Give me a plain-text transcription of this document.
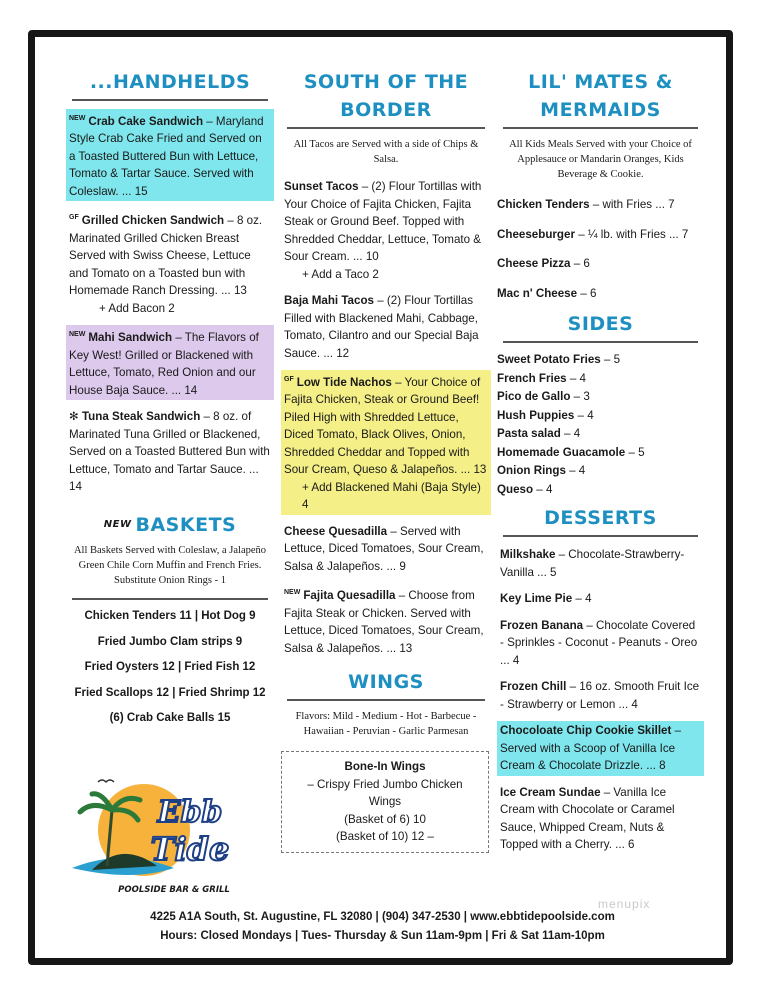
...HANDHELDS
$^{NEW}$ Crab Cake Sandwich – Maryland Style Crab Cake Fried and Served on a Toasted Buttered Bun with Lettuce, Tomato & Tartar Sauce. Served with Coleslaw. ... 15
$^{GF}$ Grilled Chicken Sandwich – 8 oz. Marinated Grilled Chicken Breast Served with Swiss Cheese, Lettuce and Tomato on a Toasted bun with Homemade Ranch Dressing. ... 13
+ Add Bacon 2
$^{NEW}$ Mahi Sandwich – The Flavors of Key West! Grilled or Blackened with Lettuce, Tomato, Red Onion and our House Baja Sauce. ... 14
✻ Tuna Steak Sandwich – 8 oz. of Marinated Tuna Grilled or Blackened, Served on a Toasted Buttered Bun with Lettuce, Tomato and Tartar Sauce. ... 14
NEW BASKETS
All Baskets Served with Coleslaw, a Jalapeño Green Chile Corn Muffin and French Fries. Substitute Onion Rings - 1
Chicken Tenders 11 | Hot Dog 9
Fried Jumbo Clam strips 9
Fried Oysters 12 | Fried Fish 12
Fried Scallops 12 | Fried Shrimp 12
(6) Crab Cake Balls 15
SOUTH OF THE
BORDER
All Tacos are Served with a side of Chips & Salsa.
Sunset Tacos – (2) Flour Tortillas with Your Choice of Fajita Chicken, Fajita Steak or Ground Beef. Topped with Shredded Cheddar, Lettuce, Tomato & Sour Cream. ... 10
+ Add a Taco 2
Baja Mahi Tacos – (2) Flour Tortillas Filled with Blackened Mahi, Cabbage, Tomato, Cilantro and our Special Baja Sauce. ... 12
$^{GF}$ Low Tide Nachos – Your Choice of Fajita Chicken, Steak or Ground Beef! Piled High with Shredded Lettuce, Diced Tomato, Black Olives, Onion, Shredded Cheddar and Topped with Sour Cream, Queso & Jalapeños. ... 13
+ Add Blackened Mahi (Baja Style) 4
Cheese Quesadilla – Served with Lettuce, Diced Tomatoes, Sour Cream, Salsa & Jalapeños. ... 9
$^{NEW}$ Fajita Quesadilla – Choose from Fajita Steak or Chicken. Served with Lettuce, Diced Tomatoes, Sour Cream, Salsa & Jalapeños. ... 13
WINGS
Flavors: Mild - Medium - Hot - Barbecue - Hawaiian - Peruvian - Garlic Parmesan
Bone-In Wings
– Crispy Fried Jumbo Chicken Wings
(Basket of 6) 10
(Basket of 10) 12 –
LIL' MATES &
MERMAIDS
All Kids Meals Served with your Choice of Applesauce or Mandarin Oranges, Kids Beverage & Cookie.
Chicken Tenders – with Fries ... 7
Cheeseburger – ¼ lb. with Fries ... 7
Cheese Pizza – 6
Mac n' Cheese – 6
SIDES
Sweet Potato Fries – 5
French Fries – 4
Pico de Gallo – 3
Hush Puppies – 4
Pasta salad – 4
Homemade Guacamole – 5
Onion Rings – 4
Queso – 4
DESSERTS
Milkshake – Chocolate-Strawberry-Vanilla ... 5
Key Lime Pie – 4
Frozen Banana – Chocolate Covered - Sprinkles - Coconut - Peanuts - Oreo ... 4
Frozen Chill – 16 oz. Smooth Fruit Ice - Strawberry or Lemon ... 4
Chocoloate Chip Cookie Skillet – Served with a Scoop of Vanilla Ice Cream & Chocolate Drizzle. ... 8
Ice Cream Sundae – Vanilla Ice Cream with Chocolate or Caramel Sauce, Whipped Cream, Nuts & Topped with a Cherry. ... 6
Ebb
Tide
POOLSIDE BAR & GRILL
menupix
4225 A1A South, St. Augustine, FL 32080 | (904) 347-2530 | www.ebbtidepoolside.com
Hours: Closed Mondays | Tues- Thursday & Sun 11am-9pm | Fri & Sat 11am-10pm
